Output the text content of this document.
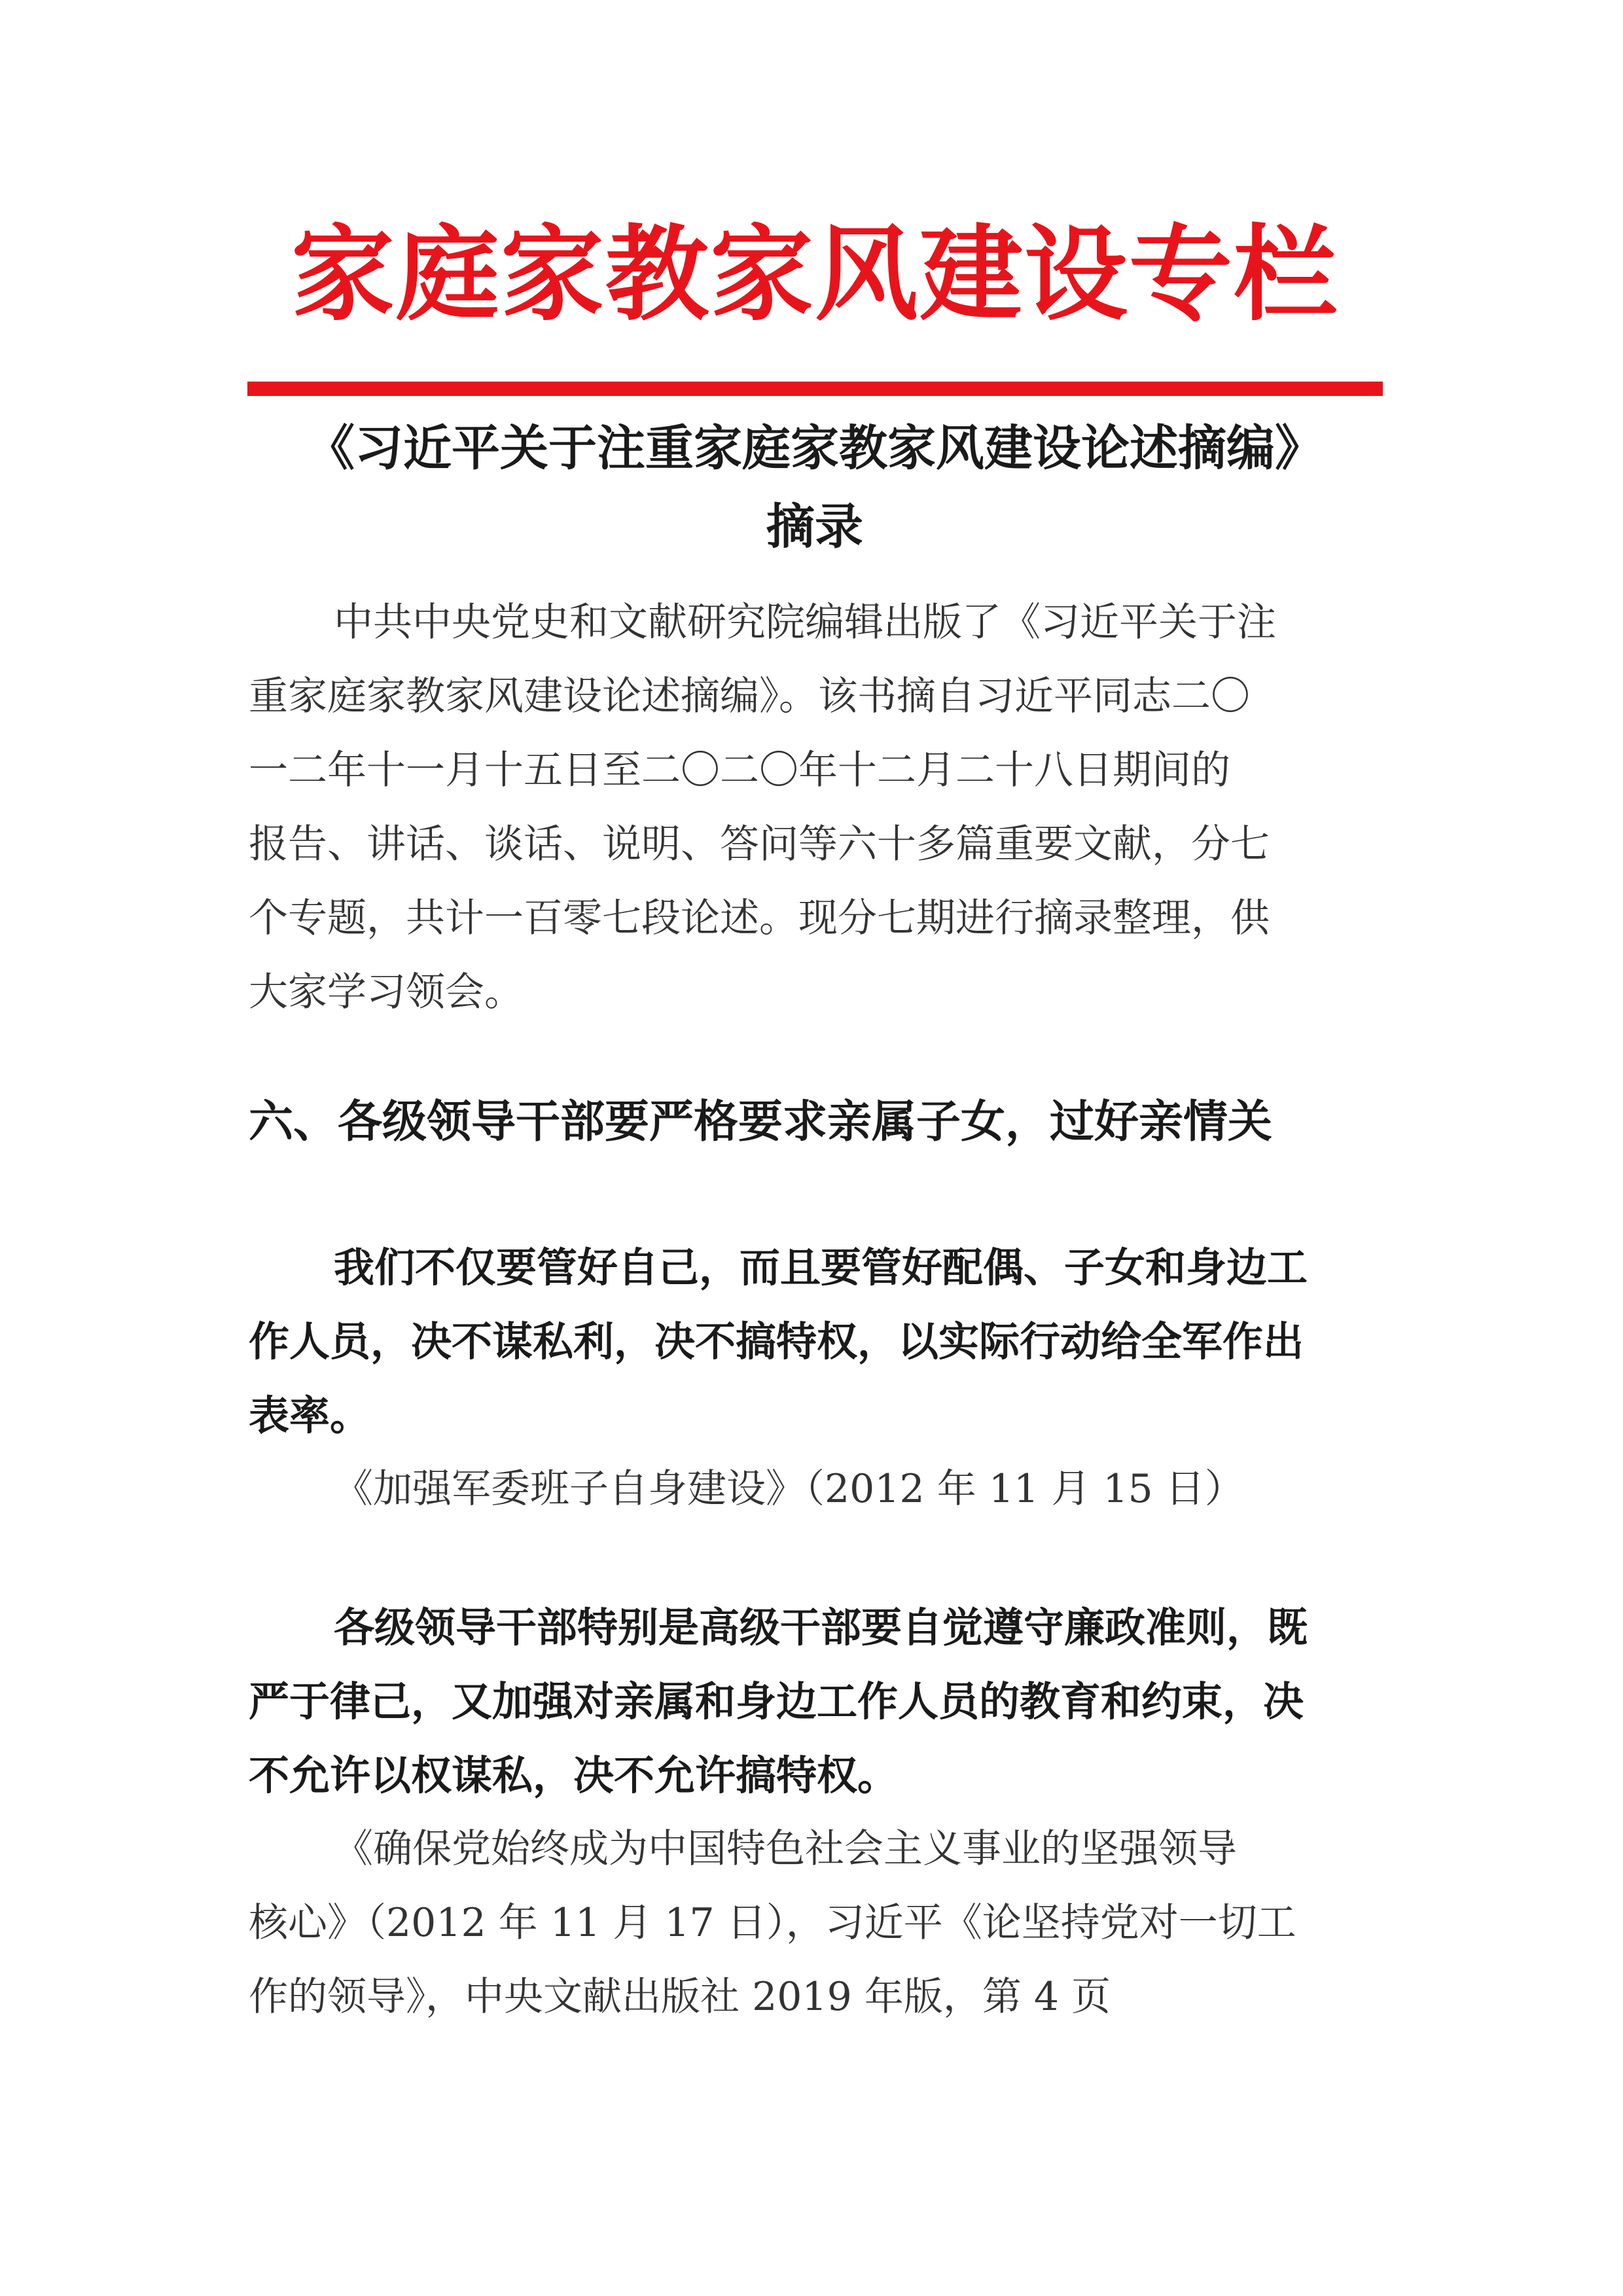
家庭家教家风建设专栏
《习近平关于注重家庭家教家风建设论述摘编》
摘录
中共中央党史和文献研究院编辑出版了《习近平关于注
重家庭家教家风建设论述摘编》。该书摘自习近平同志二〇
一二年十一月十五日至二〇二〇年十二月二十八日期间的
报告、讲话、谈话、说明、答问等六十多篇重要文献，分七
个专题，共计一百零七段论述。现分七期进行摘录整理，供
大家学习领会。
六、各级领导干部要严格要求亲属子女，过好亲情关
我们不仅要管好自己，而且要管好配偶、子女和身边工
作人员，决不谋私利，决不搞特权，以实际行动给全军作出
表率。
《加强军委班子自身建设》（2012 年 11 月 15 日）
各级领导干部特别是高级干部要自觉遵守廉政准则，既
严于律己，又加强对亲属和身边工作人员的教育和约束，决
不允许以权谋私，决不允许搞特权。
《确保党始终成为中国特色社会主义事业的坚强领导
核心》（2012 年 11 月 17 日），习近平《论坚持党对一切工
作的领导》，中央文献出版社 2019 年版，第 4 页
